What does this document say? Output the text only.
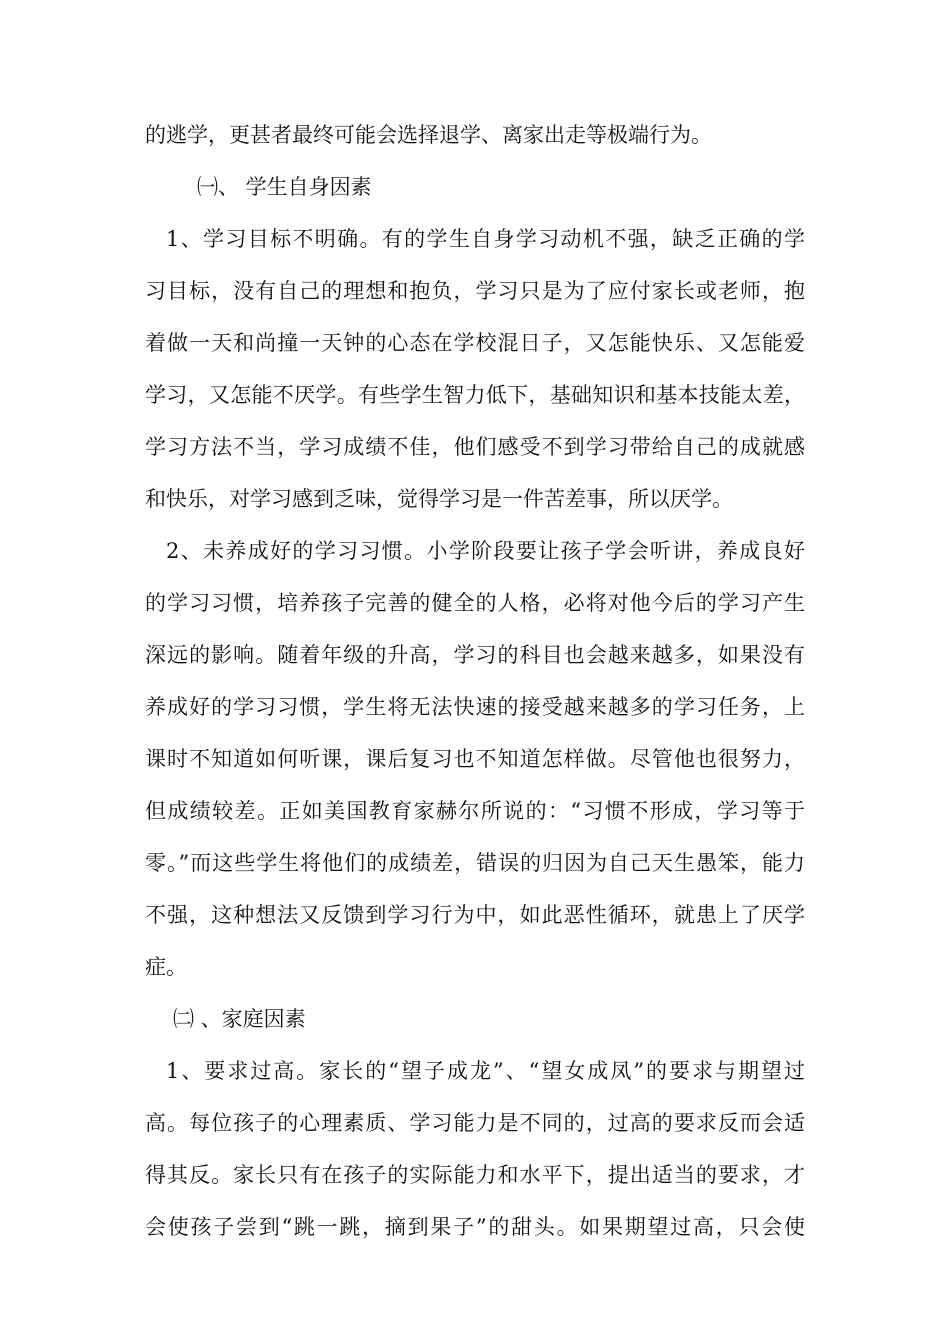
的逃学，更甚者最终可能会选择退学、离家出走等极端行为。
㈠、 学生自身因素
1、学习目标不明确。有的学生自身学习动机不强，缺乏正确的学
习目标，没有自己的理想和抱负，学习只是为了应付家长或老师，抱
着做一天和尚撞一天钟的心态在学校混日子，又怎能快乐、又怎能爱
学习，又怎能不厌学。有些学生智力低下，基础知识和基本技能太差，
学习方法不当，学习成绩不佳，他们感受不到学习带给自己的成就感
和快乐，对学习感到乏味，觉得学习是一件苦差事，所以厌学。
2、未养成好的学习习惯。小学阶段要让孩子学会听讲，养成良好
的学习习惯，培养孩子完善的健全的人格，必将对他今后的学习产生
深远的影响。随着年级的升高，学习的科目也会越来越多，如果没有
养成好的学习习惯，学生将无法快速的接受越来越多的学习任务，上
课时不知道如何听课，课后复习也不知道怎样做。尽管他也很努力，
但成绩较差。正如美国教育家赫尔所说的：“习惯不形成，学习等于
零。”而这些学生将他们的成绩差，错误的归因为自己天生愚笨，能力
不强，这种想法又反馈到学习行为中，如此恶性循环，就患上了厌学
症。
㈡ 、家庭因素
1、要求过高。家长的“望子成龙”、“望女成凤”的要求与期望过
高。每位孩子的心理素质、学习能力是不同的，过高的要求反而会适
得其反。家长只有在孩子的实际能力和水平下，提出适当的要求，才
会使孩子尝到“跳一跳，摘到果子”的甜头。如果期望过高，只会使
